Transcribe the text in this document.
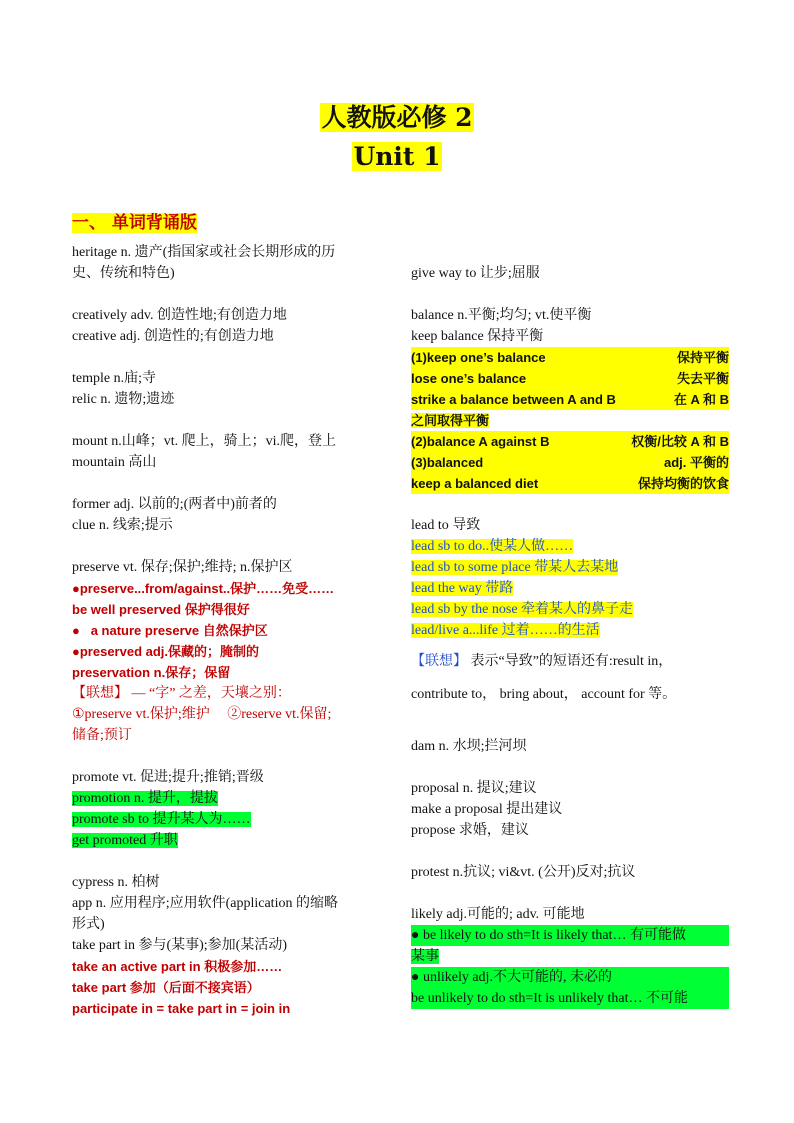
人教版必修 2
Unit 1
一、 单词背诵版
heritage n. 遗产(指国家或社会长期形成的历
史、传统和特色)
creatively adv. 创造性地;有创造力地
creative adj. 创造性的;有创造力地
temple n.庙;寺
relic n. 遗物;遗迹
mount n.山峰；vt. 爬上，骑上；vi.爬，登上
mountain 高山
former adj. 以前的;(两者中)前者的
clue n. 线索;提示
preserve vt. 保存;保护;维持; n.保护区
●preserve...from/against..保护……免受……
be well preserved 保护得很好
● a nature preserve 自然保护区
●preserved adj.保藏的；腌制的
preservation n.保存；保留
【联想】 — “字” 之差，天壤之别：
①preserve vt.保护;维护 ②reserve vt.保留;
储备;预订
promote vt. 促进;提升;推销;晋级
promotion n. 提升，提拔
promote sb to 提升某人为……
get promoted 升职
cypress n. 柏树
app n. 应用程序;应用软件(application 的缩略
形式)
take part in 参与(某事);参加(某活动)
take an active part in 积极参加……
take part 参加（后面不接宾语）
participate in = take part in = join in
give way to 让步;屈服
balance n.平衡;均匀; vt.使平衡
keep balance 保持平衡
(1)keep one’s balance	保持平衡
lose one’s balance	失去平衡
strike a balance between A and B	在 A 和 B
之间取得平衡
(2)balance A against B	权衡/比较 A 和 B
(3)balanced	adj. 平衡的
keep a balanced diet	保持均衡的饮食
lead to 导致
lead sb to do..使某人做……
lead sb to some place 带某人去某地
lead the way 带路
lead sb by the nose 牵着某人的鼻子走
lead/live a...life 过着……的生活
【联想】 表示“导致”的短语还有:result in，
contribute to， bring about， account for 等。
dam n. 水坝;拦河坝
proposal n. 提议;建议
make a proposal 提出建议
propose 求婚，建议
protest n.抗议; vi&vt. (公开)反对;抗议
likely adj.可能的; adv. 可能地
● be likely to do sth=It is likely that… 有可能做
某事
● unlikely adj.不大可能的, 未必的
be unlikely to do sth=It is unlikely that… 不可能
